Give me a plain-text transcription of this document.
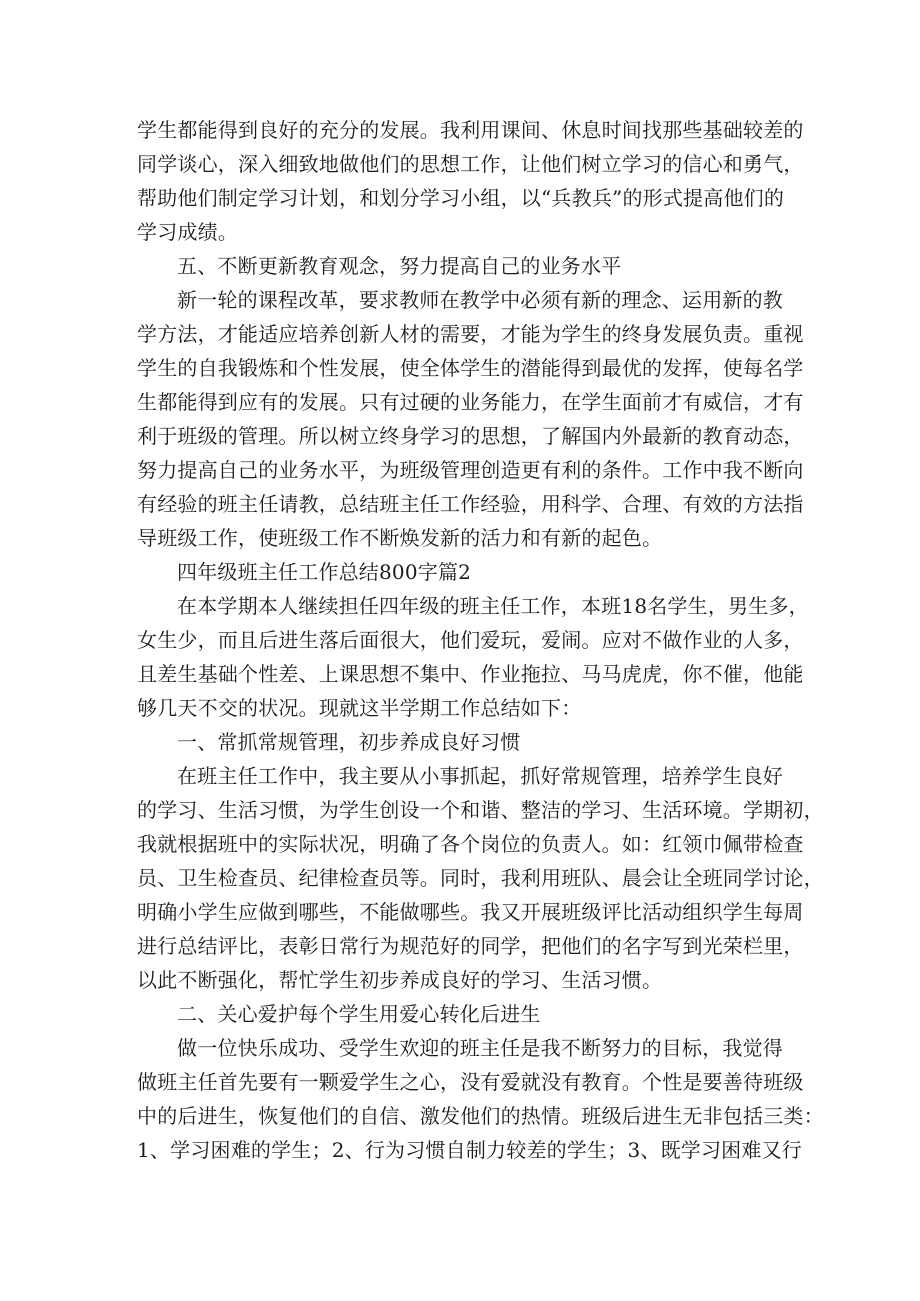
学生都能得到良好的充分的发展。我利用课间、休息时间找那些基础较差的
同学谈心，深入细致地做他们的思想工作，让他们树立学习的信心和勇气，
帮助他们制定学习计划，和划分学习小组，以“兵教兵”的形式提高他们的
学习成绩。
五、不断更新教育观念，努力提高自己的业务水平
新一轮的课程改革，要求教师在教学中必须有新的理念、运用新的教
学方法，才能适应培养创新人材的需要，才能为学生的终身发展负责。重视
学生的自我锻炼和个性发展，使全体学生的潜能得到最优的发挥，使每名学
生都能得到应有的发展。只有过硬的业务能力，在学生面前才有威信，才有
利于班级的管理。所以树立终身学习的思想，了解国内外最新的教育动态，
努力提高自己的业务水平，为班级管理创造更有利的条件。工作中我不断向
有经验的班主任请教，总结班主任工作经验，用科学、合理、有效的方法指
导班级工作，使班级工作不断焕发新的活力和有新的起色。
四年级班主任工作总结800字篇2
在本学期本人继续担任四年级的班主任工作，本班18名学生，男生多，
女生少，而且后进生落后面很大，他们爱玩，爱闹。应对不做作业的人多，
且差生基础个性差、上课思想不集中、作业拖拉、马马虎虎，你不催，他能
够几天不交的状况。现就这半学期工作总结如下：
一、常抓常规管理，初步养成良好习惯
在班主任工作中，我主要从小事抓起，抓好常规管理，培养学生良好
的学习、生活习惯，为学生创设一个和谐、整洁的学习、生活环境。学期初，
我就根据班中的实际状况，明确了各个岗位的负责人。如：红领巾佩带检查
员、卫生检查员、纪律检查员等。同时，我利用班队、晨会让全班同学讨论，
明确小学生应做到哪些，不能做哪些。我又开展班级评比活动组织学生每周
进行总结评比，表彰日常行为规范好的同学，把他们的名字写到光荣栏里，
以此不断强化，帮忙学生初步养成良好的学习、生活习惯。
二、关心爱护每个学生用爱心转化后进生
做一位快乐成功、受学生欢迎的班主任是我不断努力的目标，我觉得
做班主任首先要有一颗爱学生之心，没有爱就没有教育。个性是要善待班级
中的后进生，恢复他们的自信、激发他们的热情。班级后进生无非包括三类：
1、学习困难的学生；2、行为习惯自制力较差的学生；3、既学习困难又行
